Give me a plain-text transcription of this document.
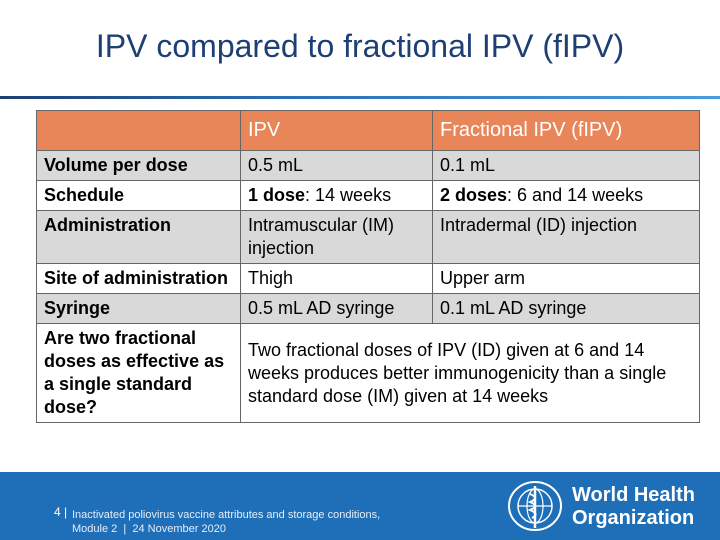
IPV compared to fractional IPV (fIPV)
	IPV	Fractional IPV (fIPV)
Volume per dose	0.5 mL	0.1 mL
Schedule	1 dose: 14 weeks	2 doses: 6 and 14 weeks
Administration	Intramuscular (IM) injection	Intradermal (ID) injection
Site of administration	Thigh	Upper arm
Syringe	0.5 mL AD syringe	0.1 mL AD syringe
Are two fractional doses as effective as a single standard dose?	Two fractional doses of IPV (ID) given at 6 and 14 weeks produces better immunogenicity than a single standard dose (IM) given at 14 weeks	
4 | Inactivated poliovirus vaccine attributes and storage conditions,
Module 2 | 24 November 2020
World Health
Organization
